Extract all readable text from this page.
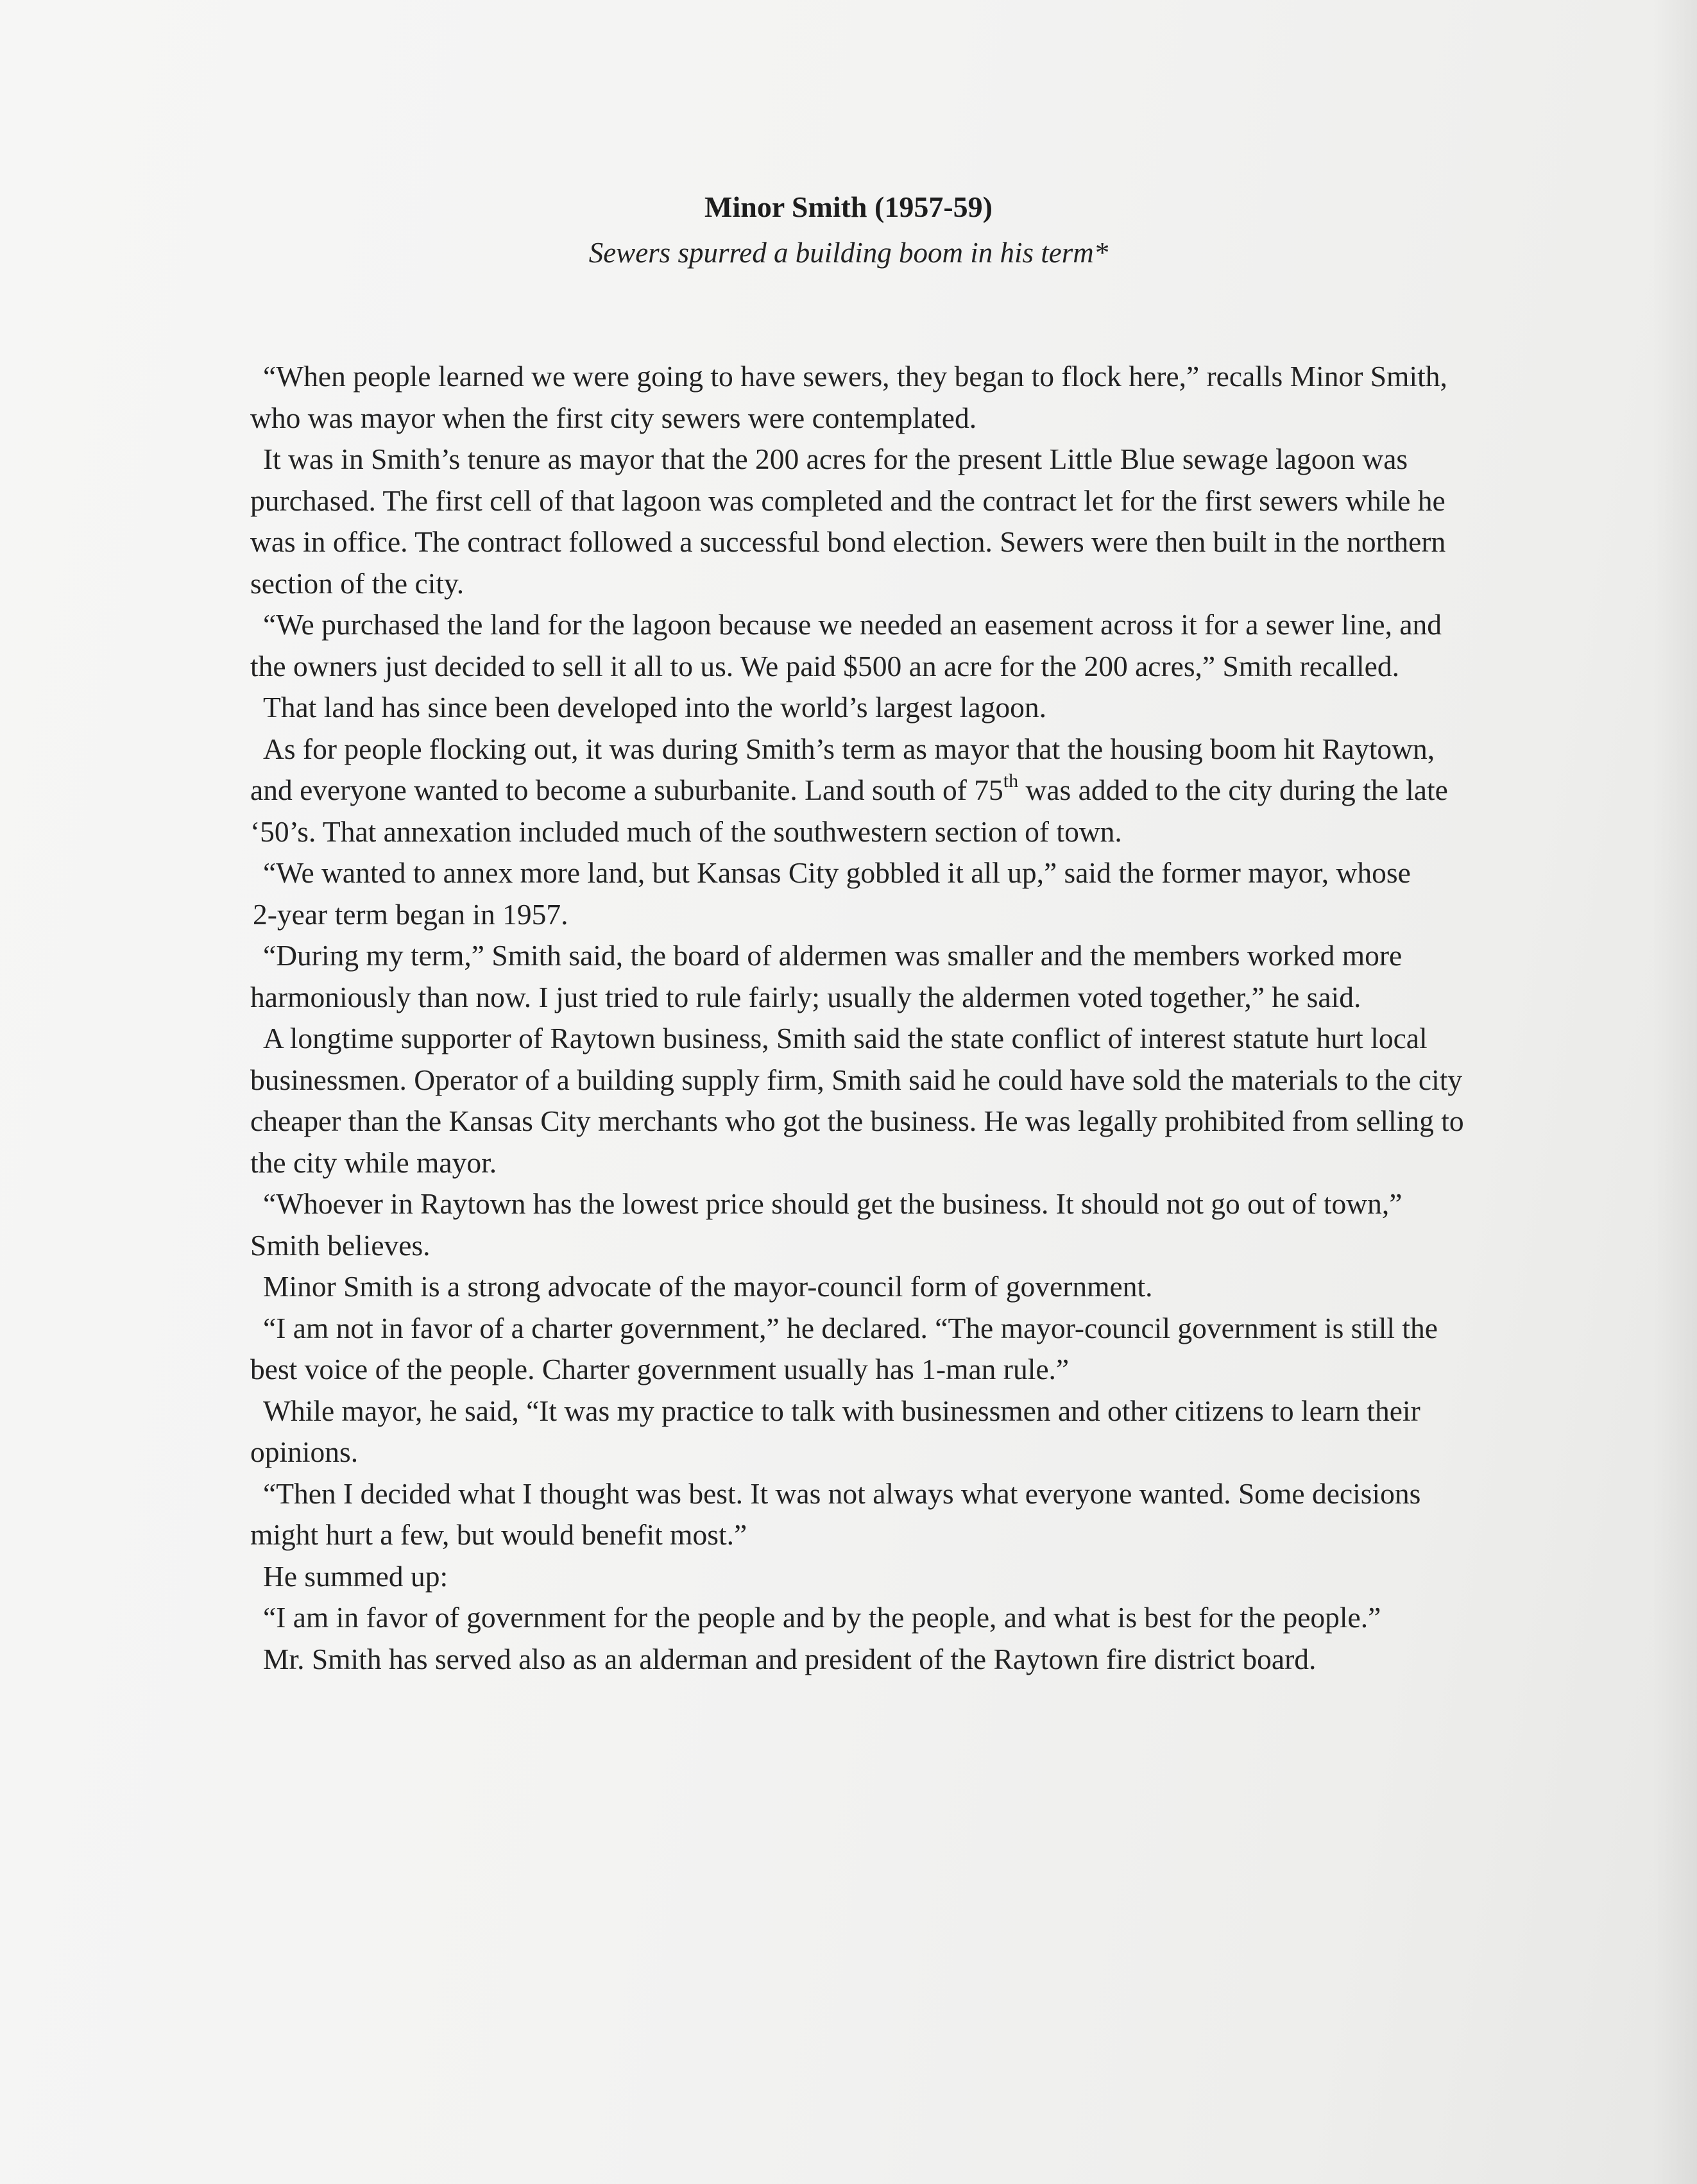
Minor Smith (1957-59)

Sewers spurred a building boom in his term*

“When people learned we were going to have sewers, they began to flock here,” recalls Minor Smith, who was mayor when the first city sewers were contemplated.

It was in Smith’s tenure as mayor that the 200 acres for the present Little Blue sewage lagoon was purchased. The first cell of that lagoon was completed and the contract let for the first sewers while he was in office. The contract followed a successful bond election. Sewers were then built in the northern section of the city.

“We purchased the land for the lagoon because we needed an easement across it for a sewer line, and the owners just decided to sell it all to us. We paid $500 an acre for the 200 acres,” Smith recalled.

That land has since been developed into the world’s largest lagoon.

As for people flocking out, it was during Smith’s term as mayor that the housing boom hit Raytown, and everyone wanted to become a suburbanite. Land south of 75th was added to the city during the late ‘50’s. That annexation included much of the southwestern section of town.

“We wanted to annex more land, but Kansas City gobbled it all up,” said the former mayor, whose

2-year term began in 1957.

“During my term,” Smith said, the board of aldermen was smaller and the members worked more harmoniously than now. I just tried to rule fairly; usually the aldermen voted together,” he said.

A longtime supporter of Raytown business, Smith said the state conflict of interest statute hurt local businessmen. Operator of a building supply firm, Smith said he could have sold the materials to the city cheaper than the Kansas City merchants who got the business. He was legally prohibited from selling to the city while mayor.

“Whoever in Raytown has the lowest price should get the business. It should not go out of town,” Smith believes.

Minor Smith is a strong advocate of the mayor-council form of government.

“I am not in favor of a charter government,” he declared. “The mayor-council government is still the best voice of the people. Charter government usually has 1-man rule.”

While mayor, he said, “It was my practice to talk with businessmen and other citizens to learn their opinions.

“Then I decided what I thought was best. It was not always what everyone wanted. Some decisions might hurt a few, but would benefit most.”

He summed up:

“I am in favor of government for the people and by the people, and what is best for the people.”

Mr. Smith has served also as an alderman and president of the Raytown fire district board.
